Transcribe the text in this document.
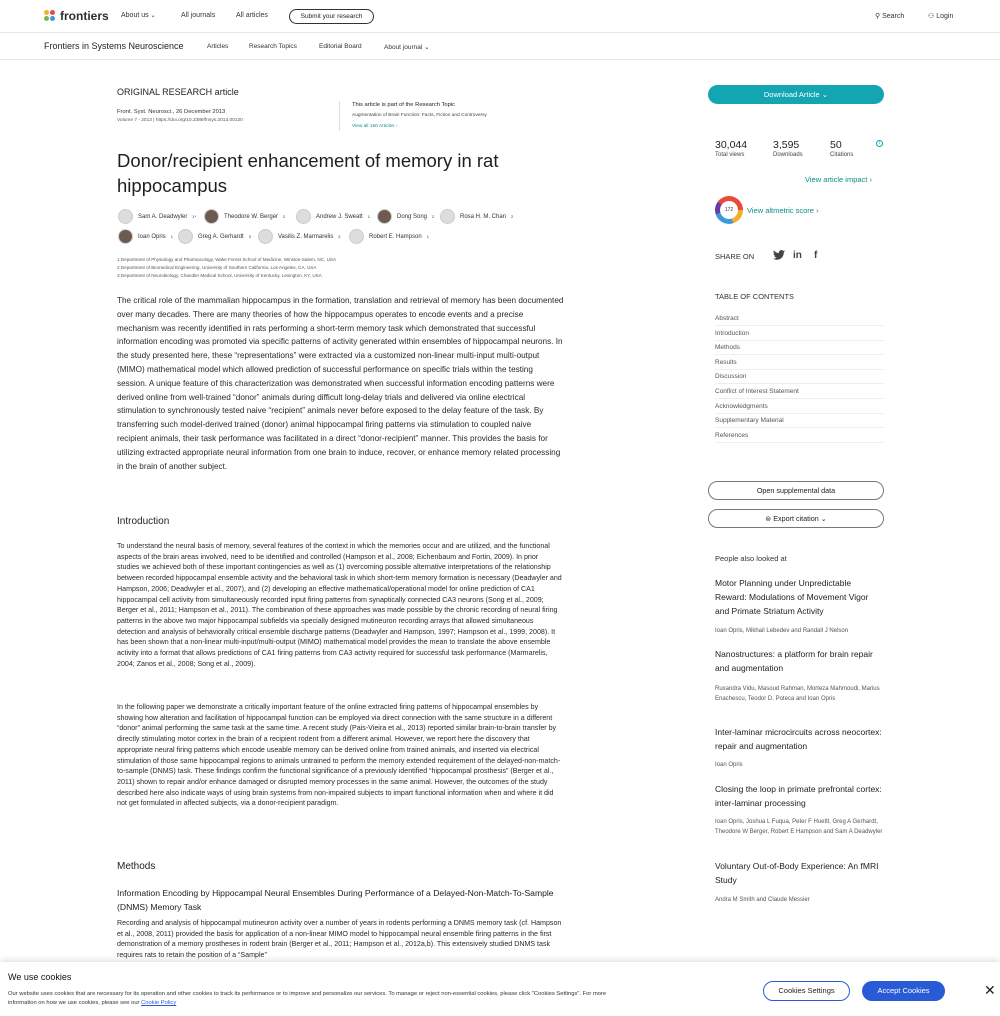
frontiers About us ⌄	All journals	All articles	Submit your research	⚲ Search	⚇ Login
Frontiers in Systems Neuroscience	Articles	Research Topics	Editorial Board	About journal ⌄
ORIGINAL RESEARCH article
Front. Syst. Neurosci., 26 December 2013
Volume 7 - 2013 | https://doi.org/10.3389/fnsys.2013.00120
This article is part of the Research Topic
Augmentation of Brain Function: Facts, Fiction and Controversy
View all 150 Articles ›
Donor/recipient enhancement of memory in rat hippocampus
Sam A. Deadwyler 1*	Theodore W. Berger 2	Andrew J. Sweatt 1	Dong Song 2	Rosa H. M. Chan 2
Ioan Opris 1	Greg A. Gerhardt 3	Vasilis Z. Marmarelis 2	Robert E. Hampson 1
1 Department of Physiology and Pharmacology, Wake Forest School of Medicine, Winston-Salem, NC, USA
2 Department of Biomedical Engineering, University of Southern California, Los Angeles, CA, USA
3 Department of Neurobiology, Chandler Medical School, University of Kentucky, Lexington, KY, USA
The critical role of the mammalian hippocampus in the formation, translation and retrieval of memory has been documented over many decades. There are many theories of how the hippocampus operates to encode events and a precise mechanism was recently identified in rats performing a short-term memory task which demonstrated that successful information encoding was promoted via specific patterns of activity generated within ensembles of hippocampal neurons. In the study presented here, these “representations” were extracted via a customized non-linear multi-input multi-output (MIMO) mathematical model which allowed prediction of successful performance on specific trials within the testing session. A unique feature of this characterization was demonstrated when successful information encoding patterns were derived online from well-trained “donor” animals during difficult long-delay trials and delivered via online electrical stimulation to synchronously tested naive “recipient” animals never before exposed to the delay feature of the task. By transferring such model-derived trained (donor) animal hippocampal firing patterns via stimulation to coupled naive recipient animals, their task performance was facilitated in a direct “donor-recipient” manner. This provides the basis for utilizing extracted appropriate neural information from one brain to induce, recover, or enhance memory related processing in the brain of another subject.
Introduction
To understand the neural basis of memory, several features of the context in which the memories occur and are utilized, and the functional aspects of the brain areas involved, need to be identified and controlled (Hampson et al., 2008; Eichenbaum and Fortin, 2009). In prior studies we achieved both of these important contingencies as well as (1) overcoming possible alternative interpretations of the relationship between recorded hippocampal ensemble activity and the behavioral task in which short-term memory formation is necessary (Deadwyler and Hampson, 2006; Deadwyler et al., 2007), and (2) developing an effective mathematical/operational model for online prediction of CA1 hippocampal cell activity from simultaneously recorded input firing patterns from synaptically connected CA3 neurons (Song et al., 2009; Berger et al., 2011; Hampson et al., 2011). The combination of these approaches was made possible by the chronic recording of neural firing patterns in the above two major hippocampal subfields via specially designed mutineuron recording arrays that allowed simultaneous detection and analysis of behaviorally critical ensemble discharge patterns (Deadwyler and Hampson, 1997; Hampson et al., 1999, 2008). It has been shown that a non-linear multi-input/multi-output (MIMO) mathematical model provides the mean to translate the above ensemble activity into a format that allows predictions of CA1 firing patterns from CA3 activity required for successful task performance (Marmarelis, 2004; Zanos et al., 2008; Song et al., 2009).
In the following paper we demonstrate a critically important feature of the online extracted firing patterns of hippocampal ensembles by showing how alteration and facilitation of hippocampal function can be employed via direct connection with the same structure in a different “donor” animal performing the same task at the same time. A recent study (Pais-Vieira et al., 2013) reported similar brain-to-brain transfer by directly stimulating motor cortex in the brain of a recipient rodent from a different animal. However, we report here the discovery that appropriate neural firing patterns which encode useable memory can be derived online from trained animals, and inserted via electrical stimulation of those same hippocampal regions to animals untrained to perform the memory extended requirement of the delayed-non-match-to-sample (DNMS) task. These findings confirm the functional significance of a previously identified “hippocampal prosthesis” (Berger et al., 2011) shown to repair and/or enhance damaged or disrupted memory processes in the same animal. However, the outcomes of the study described here also indicate ways of using brain systems from non-impaired subjects to impart functional information when and where it did not get formulated in affected subjects, via a donor-recipient paradigm.
Methods
Information Encoding by Hippocampal Neural Ensembles During Performance of a Delayed-Non-Match-To-Sample (DNMS) Memory Task
Recording and analysis of hippocampal mutineuron activity over a number of years in rodents performing a DNMS memory task (cf. Hampson et al., 2008, 2011) provided the basis for application of a non-linear MIMO model to hippocampal neural ensemble firing patterns in the first demonstration of a memory prostheses in rodent brain (Berger et al., 2011; Hampson et al., 2012a,b). This extensively studied DNMS task requires rats to retain the position of a “Sample”
Download Article ⌄
30,044
Total views
3,595
Downloads
50
Citations
i
View article impact ›
172	View altmetric score ›
SHARE ON	in f
TABLE OF CONTENTS
Abstract
Introduction
Methods
Results
Discussion
Conflict of Interest Statement
Acknowledgments
Supplementary Material
References
Open supplemental data
⊜ Export citation ⌄
People also looked at
Motor Planning under Unpredictable Reward: Modulations of Movement Vigor and Primate Striatum Activity
Ioan Opris, Mikhail Lebedev and Randall J Nelson
Nanostructures: a platform for brain repair and augmentation
Ruxandra Vidu, Masoud Rahman, Morteza Mahmoudi, Marius Enachescu, Teodor D. Poteca and Ioan Opris
Inter-laminar microcircuits across neocortex: repair and augmentation
Ioan Opris
Closing the loop in primate prefrontal cortex: inter-laminar processing
Ioan Opris, Joshua L Fuqua, Peter F Huettl, Greg A Gerhardt, Theodore W Berger, Robert E Hampson and Sam A Deadwyler
Voluntary Out-of-Body Experience: An fMRI Study
Andra M Smith and Claude Messier
We use cookies
Our website uses cookies that are necessary for its operation and other cookies to track its performance or to improve and personalize our services. To manage or reject non-essential cookies, please click "Cookies Settings". For more information on how we use cookies, please see our Cookie Policy
Cookies Settings	Accept Cookies	✕
